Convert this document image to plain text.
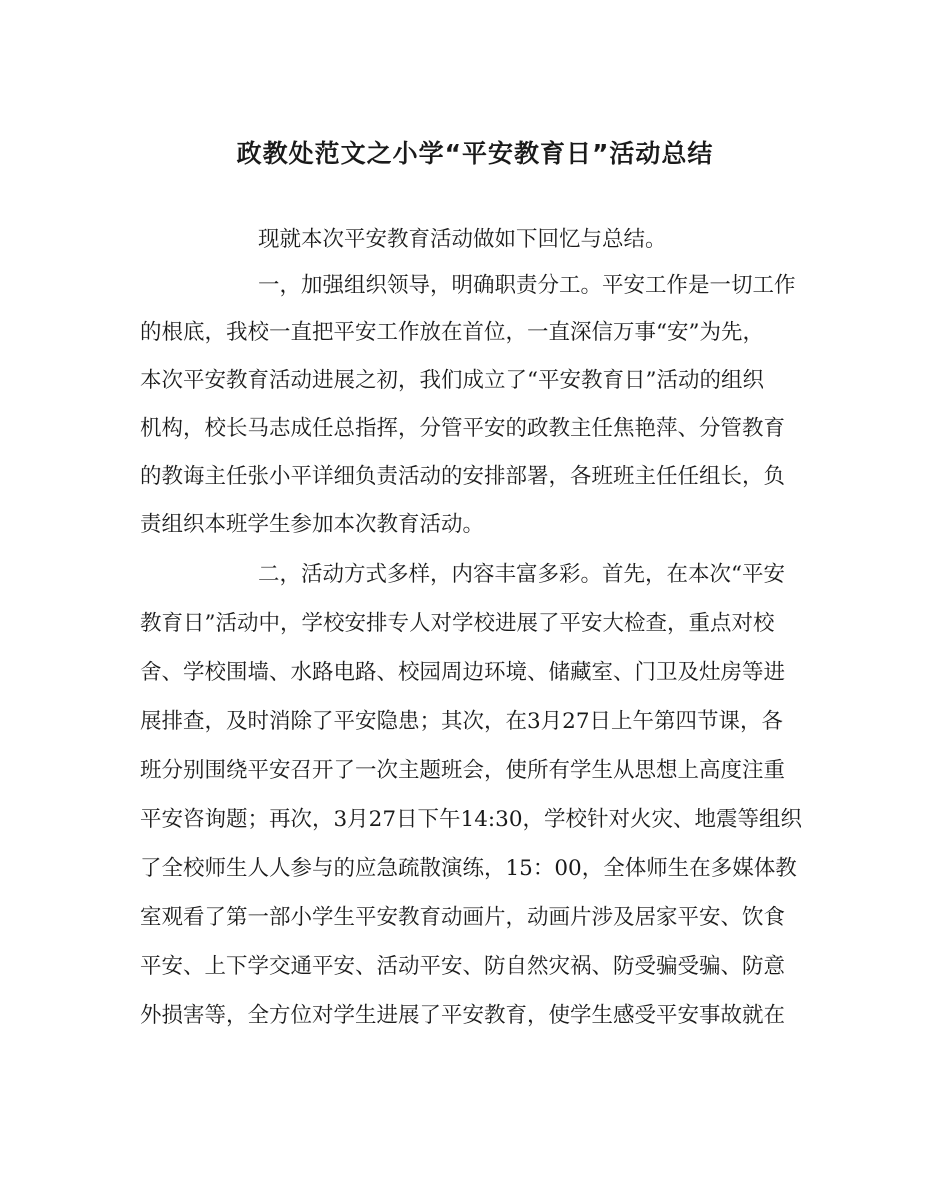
政教处范文之小学“平安教育日”活动总结
现就本次平安教育活动做如下回忆与总结。
一，加强组织领导，明确职责分工。平安工作是一切工作
的根底，我校一直把平安工作放在首位，一直深信万事“安”为先，
本次平安教育活动进展之初，我们成立了“平安教育日”活动的组织
机构，校长马志成任总指挥，分管平安的政教主任焦艳萍、分管教育
的教诲主任张小平详细负责活动的安排部署，各班班主任任组长，负
责组织本班学生参加本次教育活动。
二，活动方式多样，内容丰富多彩。首先，在本次“平安
教育日”活动中，学校安排专人对学校进展了平安大检查，重点对校
舍、学校围墙、水路电路、校园周边环境、储藏室、门卫及灶房等进
展排查，及时消除了平安隐患；其次，在3月27日上午第四节课，各
班分别围绕平安召开了一次主题班会，使所有学生从思想上高度注重
平安咨询题；再次，3月27日下午14:30，学校针对火灾、地震等组织
了全校师生人人参与的应急疏散演练，15：00，全体师生在多媒体教
室观看了第一部小学生平安教育动画片，动画片涉及居家平安、饮食
平安、上下学交通平安、活动平安、防自然灾祸、防受骗受骗、防意
外损害等，全方位对学生进展了平安教育，使学生感受平安事故就在
